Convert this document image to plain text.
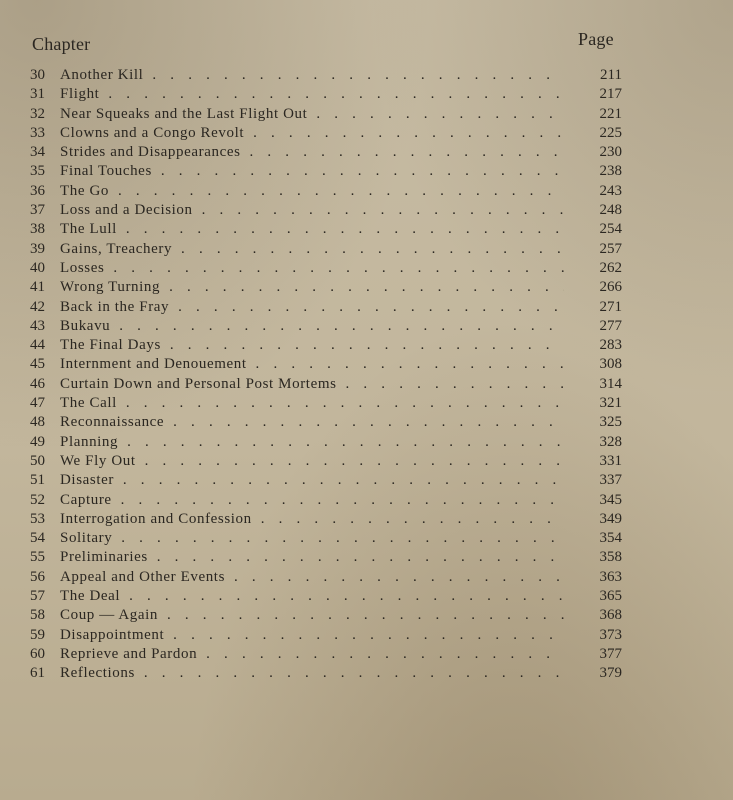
Chapter	Page
30	Another Kill . . .	211
31	Flight . . .	217
32	Near Squeaks and the Last Flight Out . . .	221
33	Clowns and a Congo Revolt . . .	225
34	Strides and Disappearances . . .	230
35	Final Touches . . .	238
36	The Go . . .	243
37	Loss and a Decision . . .	248
38	The Lull . . .	254
39	Gains, Treachery . . .	257
40	Losses . . .	262
41	Wrong Turning . . .	266
42	Back in the Fray . . .	271
43	Bukavu . . .	277
44	The Final Days . . .	283
45	Internment and Denouement . . .	308
46	Curtain Down and Personal Post Mortems . . .	314
47	The Call . . .	321
48	Reconnaissance . . .	325
49	Planning . . .	328
50	We Fly Out . . .	331
51	Disaster . . .	337
52	Capture . . .	345
53	Interrogation and Confession . . .	349
54	Solitary . . .	354
55	Preliminaries . . .	358
56	Appeal and Other Events . . .	363
57	The Deal . . .	365
58	Coup — Again . . .	368
59	Disappointment . . .	373
60	Reprieve and Pardon . . .	377
61	Reflections . . .	379
